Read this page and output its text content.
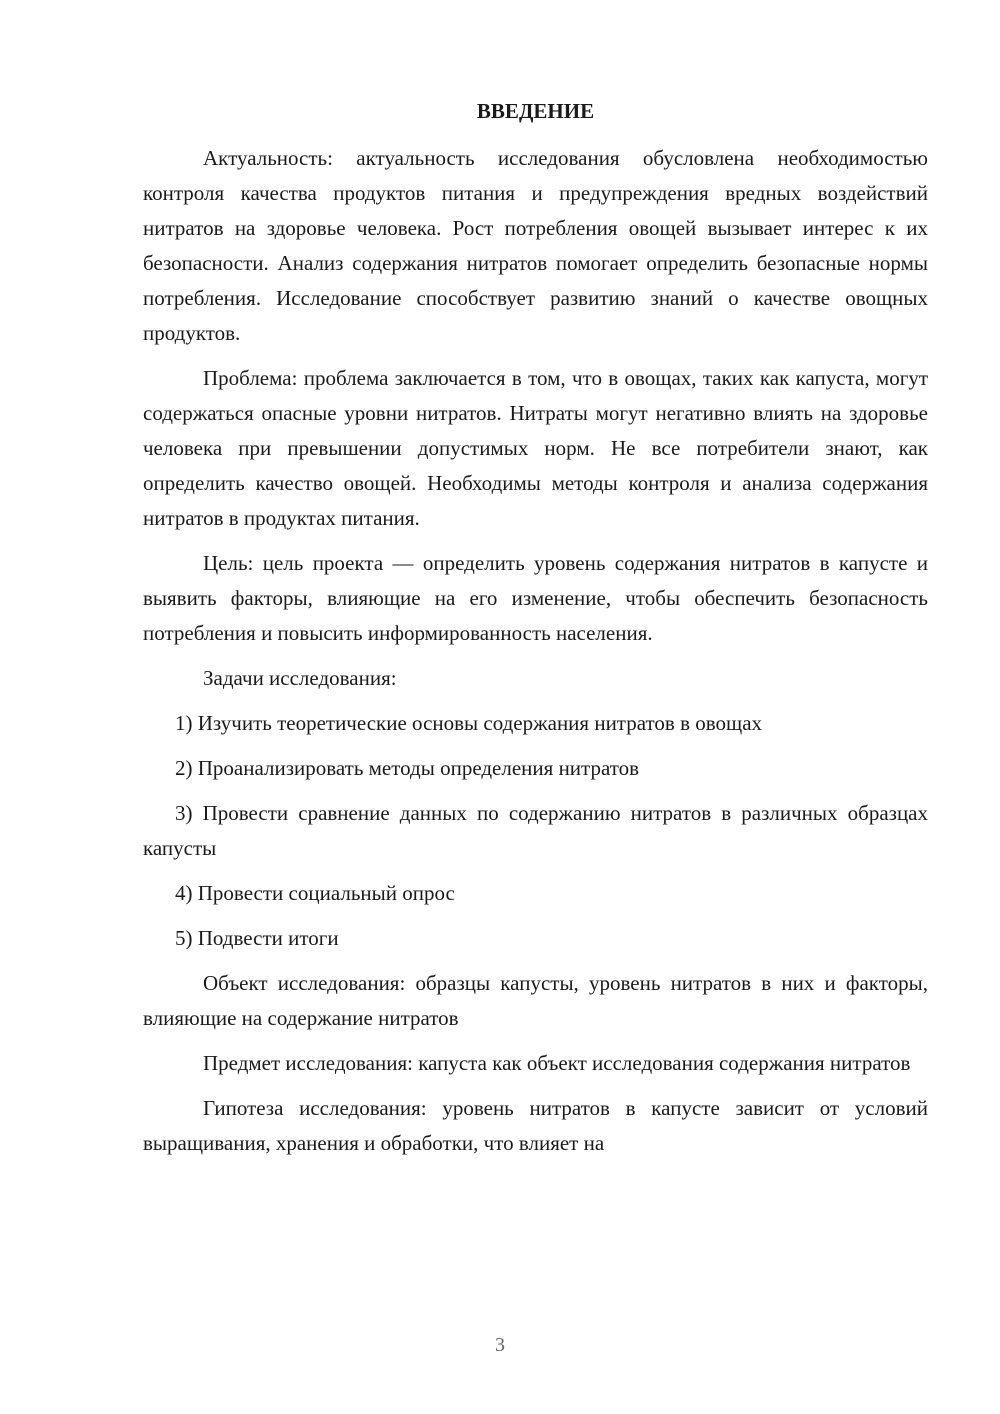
ВВЕДЕНИЕ

Актуальность: актуальность исследования обусловлена необходимостью контроля качества продуктов питания и предупреждения вредных воздействий нитратов на здоровье человека. Рост потребления овощей вызывает интерес к их безопасности. Анализ содержания нитратов помогает определить безопасные нормы потребления. Исследование способствует развитию знаний о качестве овощных продуктов.

Проблема: проблема заключается в том, что в овощах, таких как капуста, могут содержаться опасные уровни нитратов. Нитраты могут негативно влиять на здоровье человека при превышении допустимых норм. Не все потребители знают, как определить качество овощей. Необходимы методы контроля и анализа содержания нитратов в продуктах питания.

Цель: цель проекта — определить уровень содержания нитратов в капусте и выявить факторы, влияющие на его изменение, чтобы обеспечить безопасность потребления и повысить информированность населения.

Задачи исследования:

1) Изучить теоретические основы содержания нитратов в овощах

2) Проанализировать методы определения нитратов

3) Провести сравнение данных по содержанию нитратов в различных образцах капусты

4) Провести социальный опрос

5) Подвести итоги

Объект исследования: образцы капусты, уровень нитратов в них и факторы, влияющие на содержание нитратов

Предмет исследования: капуста как объект исследования содержания нитратов

Гипотеза исследования: уровень нитратов в капусте зависит от условий выращивания, хранения и обработки, что влияет на

3
